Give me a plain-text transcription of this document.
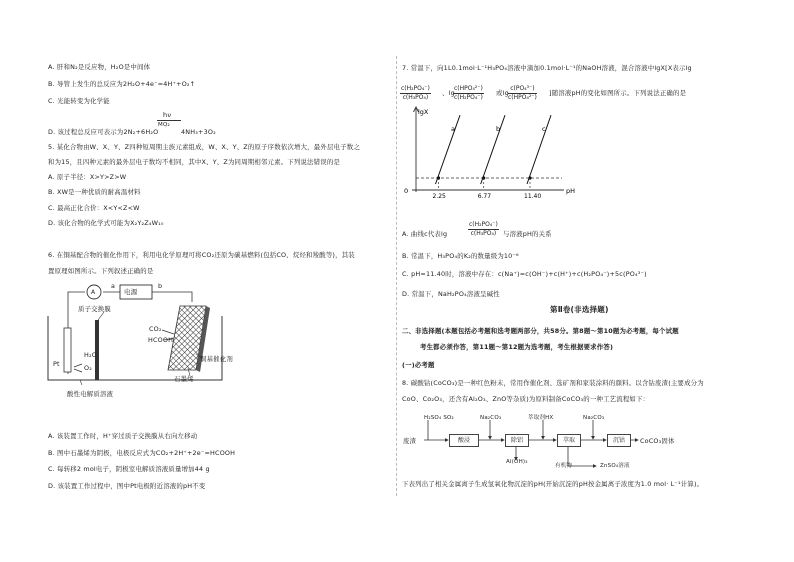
A. 肝和N₂是反应物，H₂O是中间体
B. 导管上发生的总反应为2H₂O+4e⁻=4H⁺+O₂↑
C. 光能转变为化学能
D. 该过程总反应可表示为2N₂+6H₂O
hν
MQ₂
4NH₃+3O₂
5. 某化合物由W、X、Y、Z四种短周期主族元素组成，W、X、Y、Z的原子序数依次增大，最外层电子数之
和为15，且四种元素的最外层电子数均不相同，其中X、Y、Z为同周期相邻元素。下列说法错误的是
A. 原子半径：X>Y>Z>W
B. XW是一种优质的耐高温材料
C. 最高正化合价：X<Y<Z<W
D. 该化合物的化学式可能为X₂Y₂Z₄W₁₀
6. 在铜基配合物的催化作用下，利用电化学原理可将CO₂还原为碳基燃料(包括CO、烷烃和羧酸等)，其装
置原理如图所示。下列叙述正确的是
A	电源
a	b
质子交换膜
CO₂
HCOOH
铜基催化剂
石墨烯
Pt
H₂O
O₂
酸性电解质溶液
A. 该装置工作时，H⁺穿过质子交换膜从右向左移动
B. 图中石墨烯为阴极，电极反应式为CO₂+2H⁺+2e⁻=HCOOH
C. 每转移2 mol电子，阴极室电解质溶液质量增加44 g
D. 该装置工作过程中，图中Pt电极附近溶液的pH不变
7. 常温下，向1L0.1mol·L⁻¹H₃PO₄溶液中滴加0.1mol·L⁻¹的NaOH溶液，混合溶液中lgX[X表示lg
$\frac{\text{c(H₂PO₄⁻)}}{\text{c(H₃PO₄)}}$ 、lg
c(HPO₄²⁻)
c(H₂PO₄⁻)
或lg
c(PO₄³⁻)
c(HPO₄²⁻)
]随溶液pH的变化如图所示。下列说法正确的是
lgX
pH
0
a
2.25
b
6.77
c
11.40
A. 曲线c代表lg	$\frac{\text{c(H₂PO₄⁻)}}{\text{c(H₃PO₄)}}$ 与溶液pH的关系
B. 常温下，H₃PO₄的K₂的数量级为10⁻⁶
C. pH=11.40时，溶液中存在：c(Na⁺)=c(OH⁻)+c(H⁺)+c(H₂PO₄⁻)+5c(PO₄³⁻)
D. 常温下，NaH₂PO₄溶液呈碱性
第Ⅱ卷(非选择题)
二、非选择题(本题包括必考题和选考题两部分，共58分。第8题～第10题为必考题，每个试题
考生都必须作答，第11题～第12题为选考题，考生根据要求作答)
(一)必考题
8. 碳酸钴(CoCO₃)是一种红色粉末，常用作催化剂、选矿剂和家装涂料的颜料。以含钴废渣(主要成分为
CoO、Co₂O₃，还含有Al₂O₃、ZnO等杂质)为原料制备CoCO₃的一种工艺流程如下：
废渣
H₂SO₄ SO₂
酸浸
Na₂CO₃
除铝
萃取剂HX
萃取
Na₂CO₃
沉钴	CoCO₃固体
Al(OH)₃
有机物	ZnSO₄溶液
下表列出了相关金属离子生成氢氧化物沉淀的pH(开始沉淀的pH按金属离子浓度为1.0 mol· L⁻¹计算)。
